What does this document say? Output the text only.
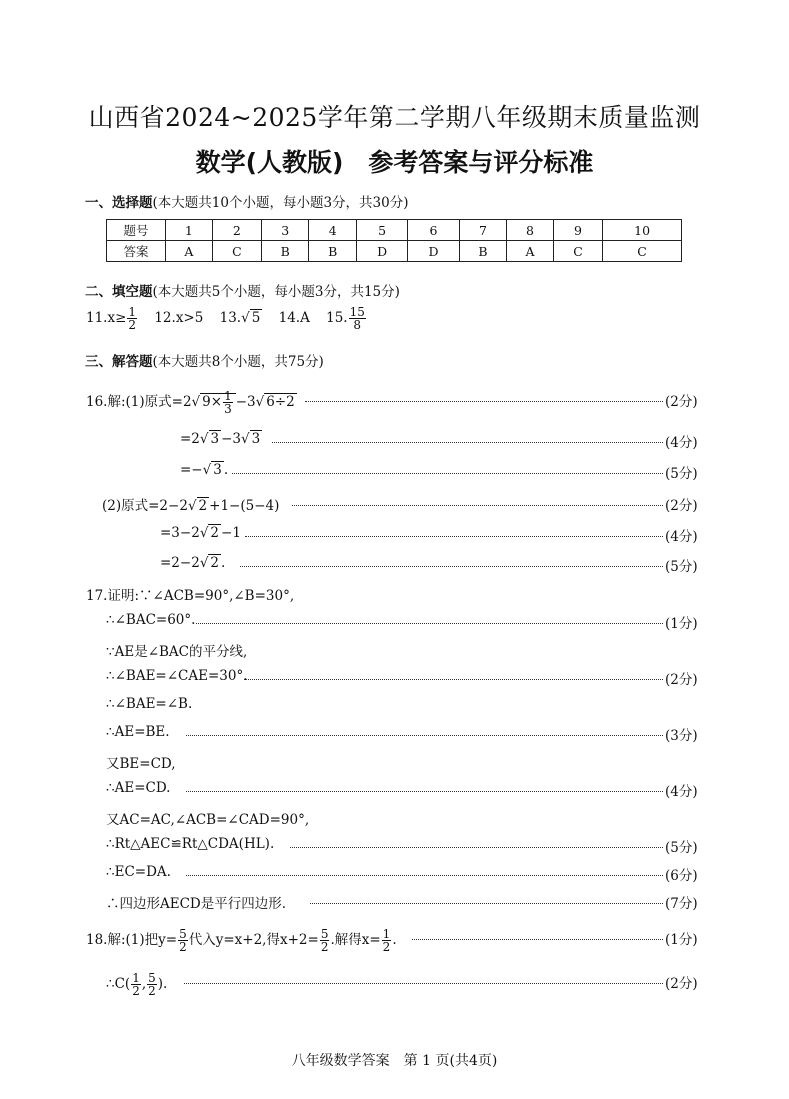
山西省2024~2025学年第二学期八年级期末质量监测
数学(人教版)　参考答案与评分标准
一、选择题(本大题共10个小题，每小题3分，共30分)
题号	1	2	3	4	5	6	7	8	9	10
答案	A	C	B	B	D	D	B	A	C	C
二、填空题(本大题共5个小题，每小题3分，共15分)
$11.x\ge \frac{1}{2} 12.x>5$ 13.√ 5 14.A 15. $\frac{15}{8}$
三、解答题(本大题共8个小题，共75分)
16.解:(1)原式=2√ $9\times \frac{1}{3} -3√$ 6÷2	(2分)
=2√ 3 −3√ 3	(4分)
=−√ 3 .	(5分)
(2)原式=2−2√ 2 +1−(5−4)	(2分)
=3−2√ 2 −1	(4分)
=2−2√ 2 .	(5分)
17.证明:∵∠ACB=90°,∠B=30°,
∴∠BAC=60°.	(1分)
∵AE是∠BAC的平分线,
∴∠BAE=∠CAE=30°.	(2分)
∴∠BAE=∠B.
∴AE=BE.	(3分)
又BE=CD,
∴AE=CD.	(4分)
又AC=AC,∠ACB=∠CAD=90°,
∴Rt△AEC≌Rt△CDA(HL).	(5分)
∴EC=DA.	(6分)
∴四边形AECD是平行四边形.	(7分)
18.解:(1)把$y= \frac{5}{2}$ 代入y=x+2,得$x+2= \frac{5}{2}$ .解得$x= \frac{1}{2}$ .	(1分)
∴C( $\frac{1}{2}$ , $\frac{5}{2}$ ).	(2分)
八年级数学答案　第 1 页(共4页)
